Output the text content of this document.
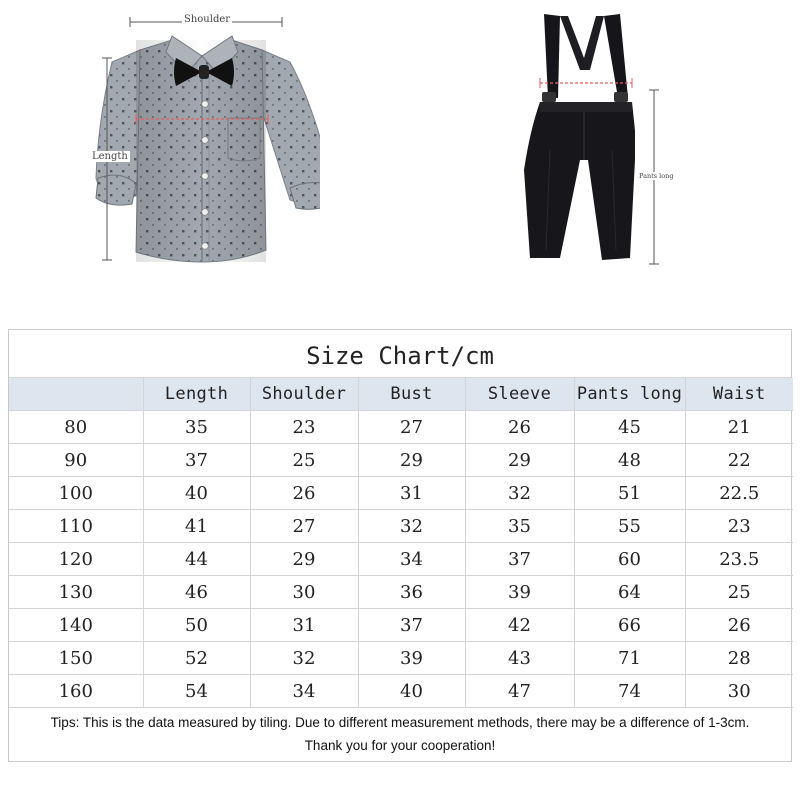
Shoulder
Length
Pants long
Size Chart/cm
	Length	Shoulder	Bust	Sleeve	Pants long	Waist
80	35	23	27	26	45	21
90	37	25	29	29	48	22
100	40	26	31	32	51	22.5
110	41	27	32	35	55	23
120	44	29	34	37	60	23.5
130	46	30	36	39	64	25
140	50	31	37	42	66	26
150	52	32	39	43	71	28
160	54	34	40	47	74	30
Tips: This is the data measured by tiling. Due to different measurement methods, there may be a difference of 1-3cm. Thank you for your cooperation!
